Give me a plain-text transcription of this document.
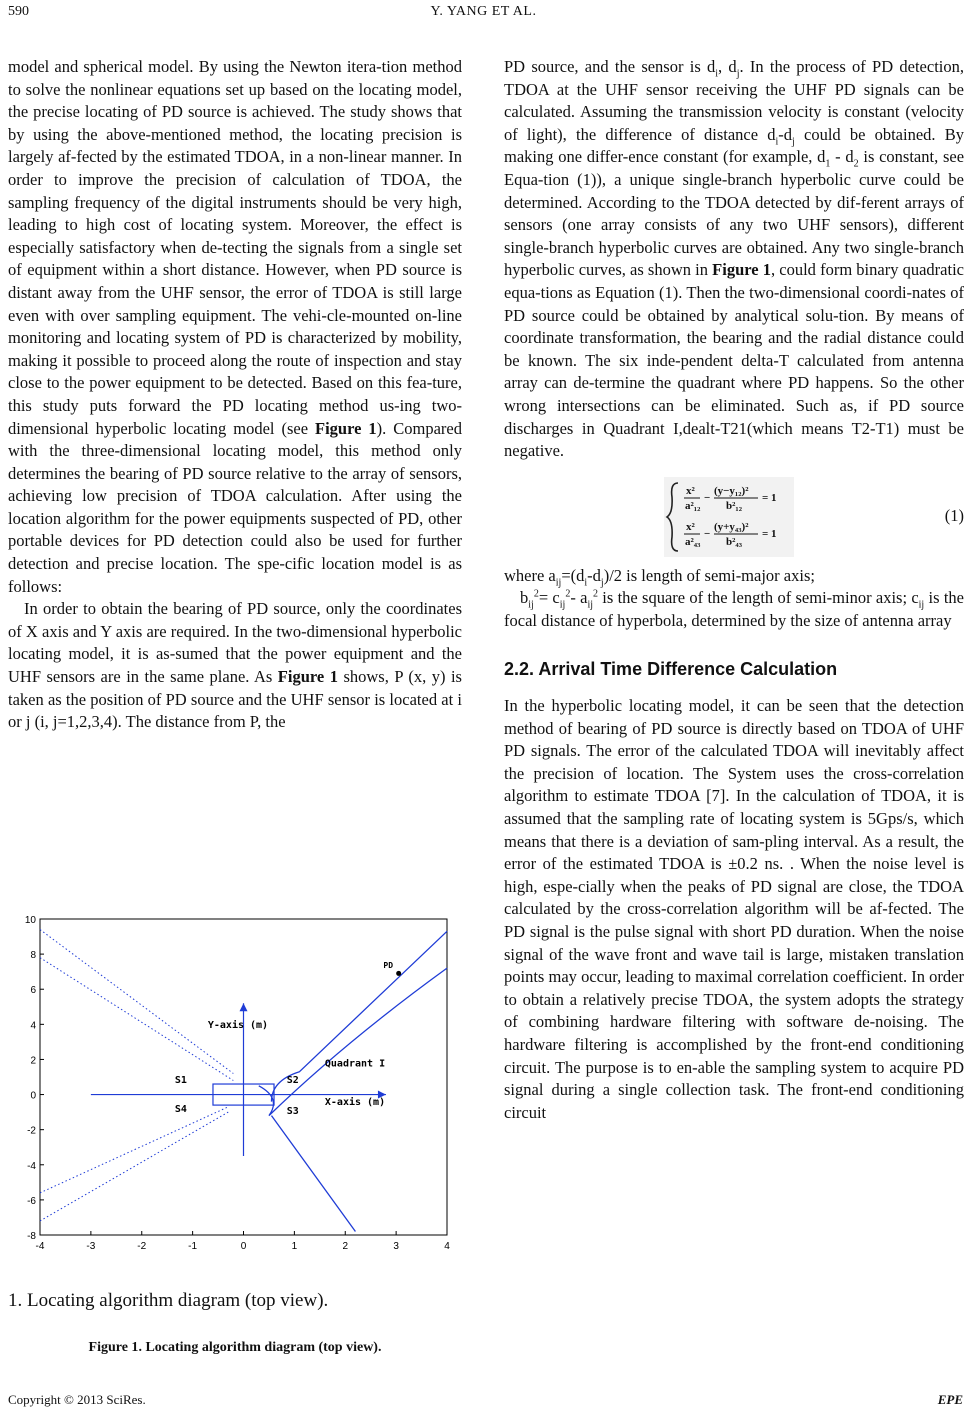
590	Y. YANG ET AL.

model and spherical model. By using the Newton itera-tion method to solve the nonlinear equations set up based on the locating model, the precise locating of PD source is achieved. The study shows that by using the above-mentioned method, the locating precision is largely af-fected by the estimated TDOA, in a non-linear manner. In order to improve the precision of calculation of TDOA, the sampling frequency of the digital instruments should be very high, leading to high cost of locating system. Moreover, the effect is especially satisfactory when de-tecting the signals from a single set of equipment within a short distance. However, when PD source is distant away from the UHF sensor, the error of TDOA is still large even with over sampling equipment. The vehi-cle-mounted on-line monitoring and locating system of PD is characterized by mobility, making it possible to proceed along the route of inspection and stay close to the power equipment to be detected. Based on this fea-ture, this study puts forward the PD locating method us-ing two-dimensional hyperbolic locating model (see Figure 1). Compared with the three-dimensional locating model, this method only determines the bearing of PD source relative to the array of sensors, achieving low precision of TDOA calculation. After using the location algorithm for the power equipments suspected of PD, other portable devices for PD detection could also be used for further detection and precise location. The spe-cific location model is as follows:

In order to obtain the bearing of PD source, only the coordinates of X axis and Y axis are required. In the two-dimensional hyperbolic locating model, it is as-sumed that the power equipment and the UHF sensors are in the same plane. As Figure 1 shows, P (x, y) is taken as the position of PD source and the UHF sensor is located at i or j (i, j=1,2,3,4). The distance from P, the

-4	-3	-2	-1	0	1	2	3	4
10
8
6
4
2
0
-2
-4
-6
-8
PD
Y-axis (m)
X-axis (m)
Quadrant I
S1	S2
S3
S4
1. Locating algorithm diagram (top view).
Figure 1. Locating algorithm diagram (top view).

PD source, and the sensor is $d_i$, $d_j$. In the process of PD detection, TDOA at the UHF sensor receiving the UHF PD signals can be calculated. Assuming the transmission velocity is constant (velocity of light), the difference of distance $d_i-d_j$ could be obtained. By making one differ-ence constant (for example, $d_1 - d_2$ is constant, see Equa-tion (1)), a unique single-branch hyperbolic curve could be determined. According to the TDOA detected by dif-ferent arrays of sensors (one array consists of any two UHF sensors), different single-branch hyperbolic curves are obtained. Any two single-branch hyperbolic curves, as shown in Figure 1, could form binary quadratic equa-tions as Equation (1). Then the two-dimensional coordi-nates of PD source could be obtained by analytical solu-tion. By means of coordinate transformation, the bearing and the radial distance could be known. The six inde-pendent delta-T calculated from antenna array can de-termine the quadrant where PD happens. So the other wrong intersections can be eliminated. Such as, if PD source discharges in Quadrant I,dealt-T21(which means T2-T1) must be negative.

x²
a²₁₂
−
(y−y₁₂)²
b²₁₂
= 1
x²
a²₄₃
−
(y+y₄₃)²
b²₄₃
= 1
(1)

where $a_{ij}=(d_i-d_j)/2$ is length of semi-major axis;

$b_{ij}^2= c_{ij}^2-$ $a_{ij}^2$ is the square of the length of semi-minor axis; $c_{ij}$ is the focal distance of hyperbola, determined by the size of antenna array

2.2. Arrival Time Difference Calculation

In the hyperbolic locating model, it can be seen that the detection method of bearing of PD source is directly based on TDOA of UHF PD signals. The error of the calculated TDOA will inevitably affect the precision of location. The System uses the cross-correlation algorithm to estimate TDOA [7]. In the calculation of TDOA, it is assumed that the sampling rate of locating system is 5Gps/s, which means that there is a deviation of sam-pling interval. As a result, the error of the estimated TDOA is ±0.2 ns. . When the noise level is high, espe-cially when the peaks of PD signal are close, the TDOA calculated by the cross-correlation algorithm will be af-fected. The PD signal is the pulse signal with short PD duration. When the noise signal of the wave front and wave tail is large, mistaken translation points may occur, leading to maximal correlation coefficient. In order to obtain a relatively precise TDOA, the system adopts the strategy of combining hardware filtering with software de-noising. The hardware filtering is accomplished by the front-end conditioning circuit. The purpose is to en-able the sampling system to acquire PD signal during a single collection task. The front-end conditioning circuit

Copyright © 2013 SciRes.	EPE
